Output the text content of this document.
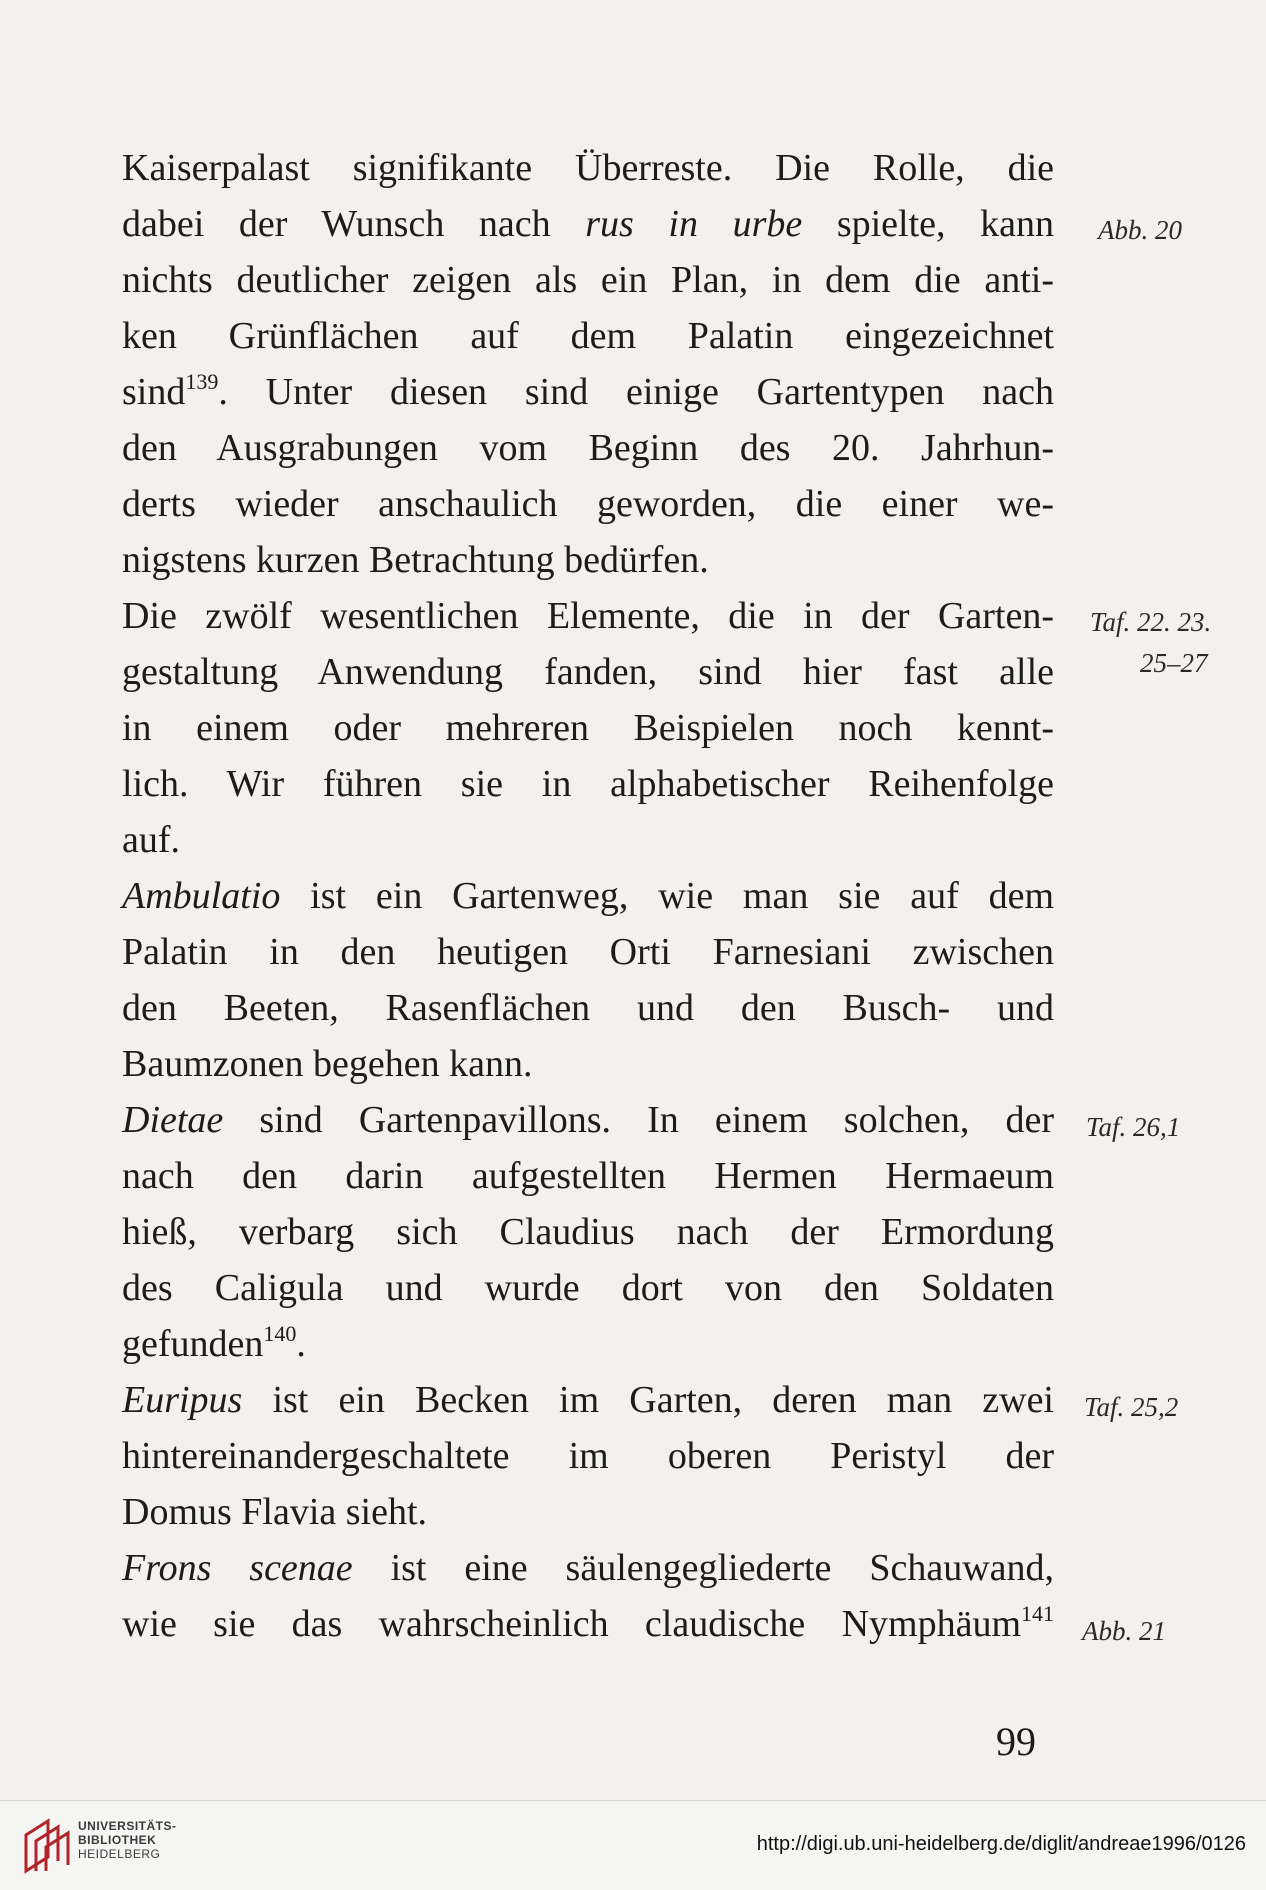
Kaiserpalast signifikante Überreste. Die Rolle, die
dabei der Wunsch nach rus in urbe spielte, kann
nichts deutlicher zeigen als ein Plan, in dem die anti-
ken Grünflächen auf dem Palatin eingezeichnet
sind$^{139}$. Unter diesen sind einige Gartentypen nach
den Ausgrabungen vom Beginn des 20. Jahrhun-
derts wieder anschaulich geworden, die einer we-
nigstens kurzen Betrachtung bedürfen.
Die zwölf wesentlichen Elemente, die in der Garten-
gestaltung Anwendung fanden, sind hier fast alle
in einem oder mehreren Beispielen noch kennt-
lich. Wir führen sie in alphabetischer Reihenfolge
auf.
Ambulatio ist ein Gartenweg, wie man sie auf dem
Palatin in den heutigen Orti Farnesiani zwischen
den Beeten, Rasenflächen und den Busch- und
Baumzonen begehen kann.
Dietae sind Gartenpavillons. In einem solchen, der
nach den darin aufgestellten Hermen Hermaeum
hieß, verbarg sich Claudius nach der Ermordung
des Caligula und wurde dort von den Soldaten
gefunden$^{140}$.
Euripus ist ein Becken im Garten, deren man zwei
hintereinandergeschaltete im oberen Peristyl der
Domus Flavia sieht.
Frons scenae ist eine säulengegliederte Schauwand,
wie sie das wahrscheinlich claudische Nymphäum$^{141}$
Abb. 20
Taf. 22. 23.
25–27
Taf. 26,1
Taf. 25,2
Abb. 21
99
UNIVERSITÄTS-
BIBLIOTHEK
HEIDELBERG	http://digi.ub.uni-heidelberg.de/diglit/andreae1996/0126
